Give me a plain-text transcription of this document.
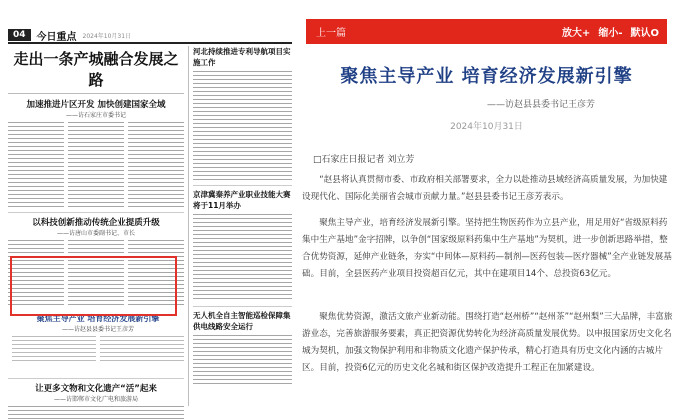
04	今日重点 2024年10月31日
走出一条产城融合发展之路
加速推进片区开发 加快创建国家全域
——访石家庄市委书记
以科技创新推动传统企业提质升级
——访唐山市委副书记、市长
聚焦主导产业 培育经济发展新引擎
——访赵县县委书记王彦芳
让更多文物和文化遗产“活”起来
——访邯郸市文化广电和旅游局
河北持续推进专利导航项目实施工作
京津冀秦养产业职业技能大赛将于11月举办
无人机全自主智能巡检保障集供电线路安全运行
上一篇	放大+ 缩小- 默认O
聚焦主导产业 培育经济发展新引擎
——访赵县县委书记王彦芳
2024年10月31日
□石家庄日报记者 刘立芳
“赵县将认真贯彻市委、市政府相关部署要求，全力以赴推动县域经济高质量发展，为加快建设现代化、国际化美丽省会城市贡献力量。”赵县县委书记王彦芳表示。
聚焦主导产业，培育经济发展新引擎。坚持把生物医药作为立县产业，用足用好“省级原料药集中生产基地”金字招牌，以争创“国家级原料药集中生产基地”为契机，进一步创新思路举措，整合优势资源，延伸产业链条，夯实“中间体—原料药—制剂—医药包装—医疗器械”全产业链发展基础。目前，全县医药产业项目投资超百亿元，其中在建项目14个、总投资63亿元。
聚焦优势资源，激活文旅产业新动能。围绕打造“赵州桥”“赵州茶”“赵州梨”三大品牌，丰富旅游业态，完善旅游服务要素，真正把资源优势转化为经济高质量发展优势。以申报国家历史文化名城为契机，加强文物保护利用和非物质文化遗产保护传承，精心打造具有历史文化内涵的古城片区。目前，投资6亿元的历史文化名城和街区保护改造提升工程正在加紧建设。
